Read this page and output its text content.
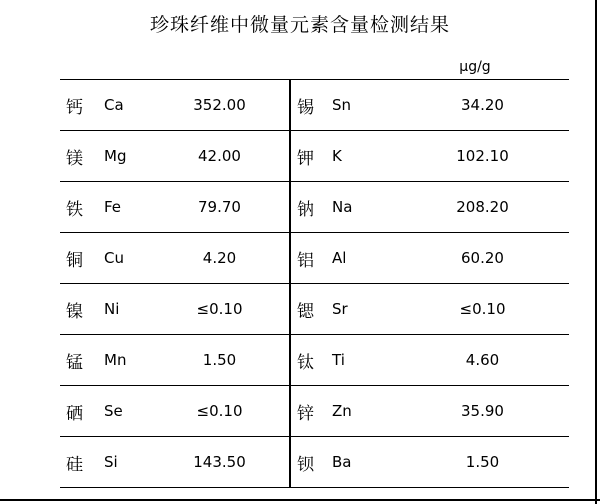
珍珠纤维中微量元素含量检测结果
μg/g
钙	Ca	352.00	锡	Sn	34.20
镁	Mg	42.00	钾	K	102.10
铁	Fe	79.70	钠	Na	208.20
铜	Cu	4.20	铝	Al	60.20
镍	Ni	≤0.10	锶	Sr	≤0.10
锰	Mn	1.50	钛	Ti	4.60
硒	Se	≤0.10	锌	Zn	35.90
硅	Si	143.50	钡	Ba	1.50
